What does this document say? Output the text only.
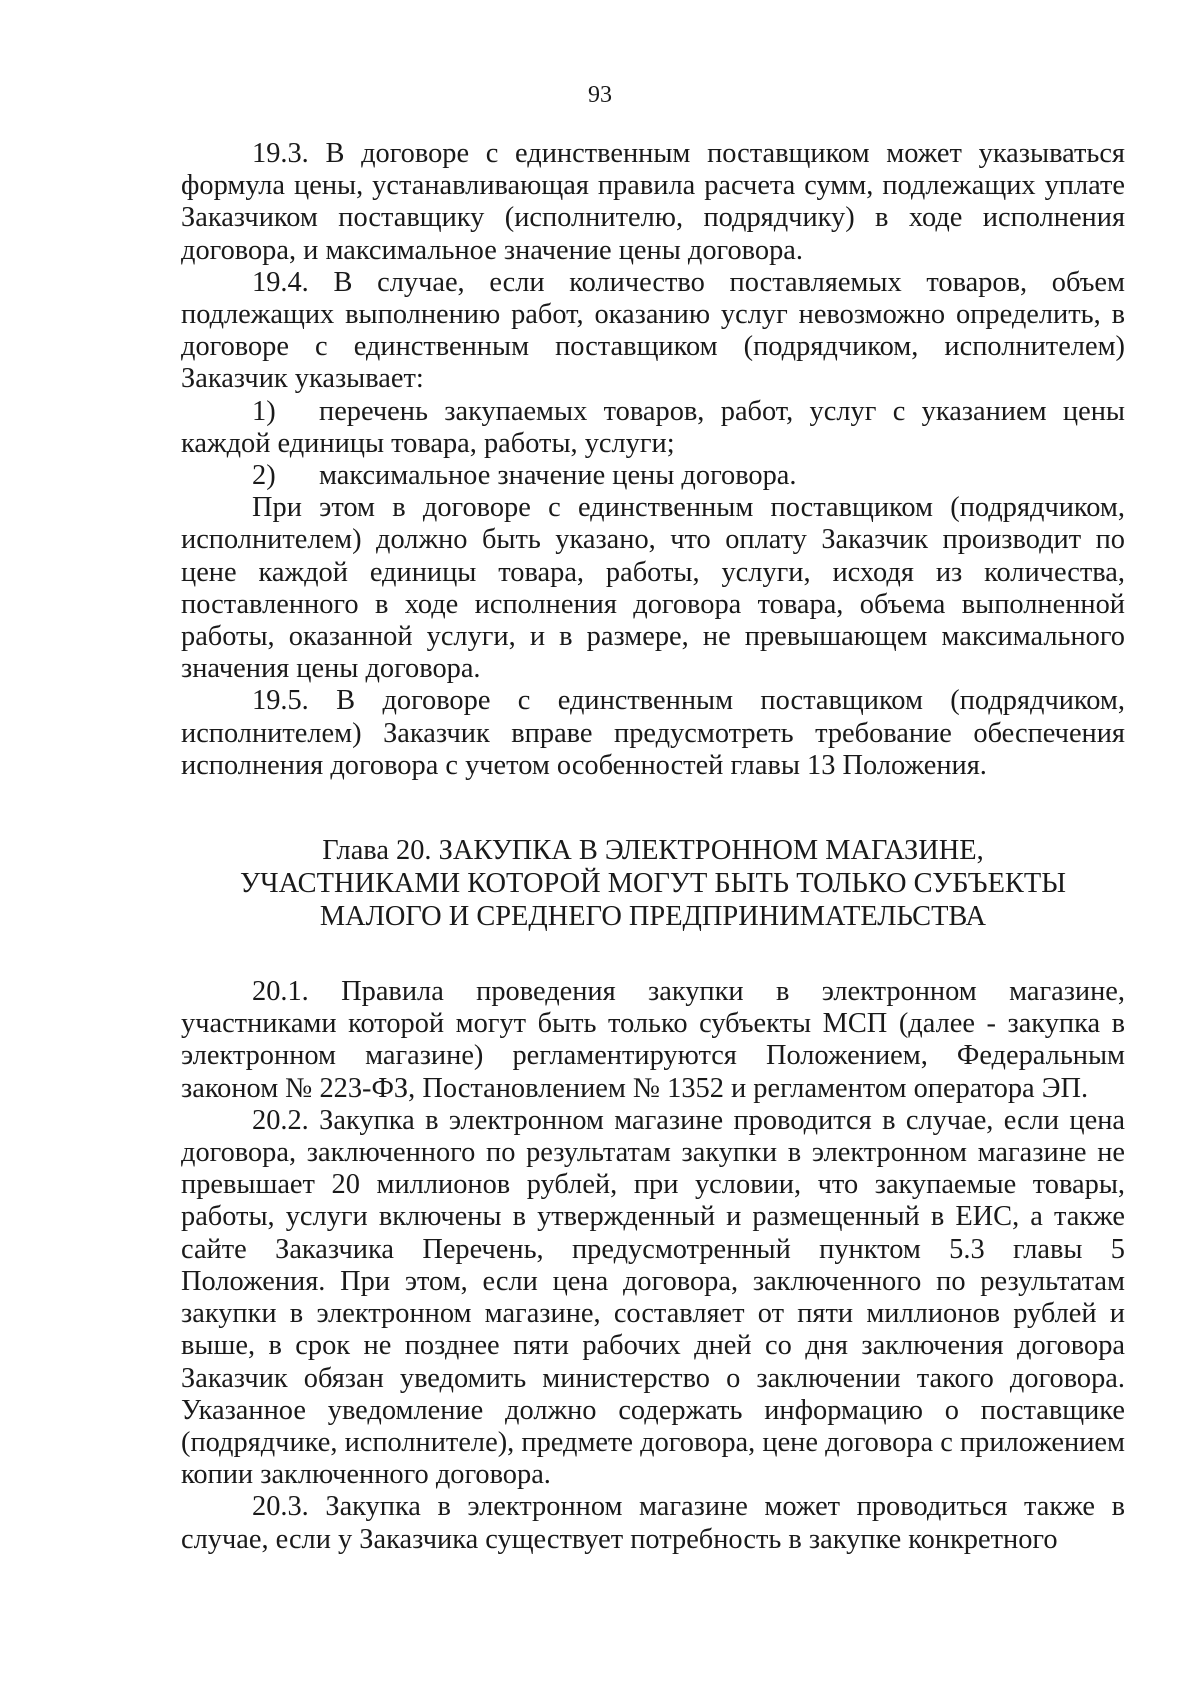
93

19.3. В договоре с единственным поставщиком может указываться формула цены, устанавливающая правила расчета сумм, подлежащих уплате Заказчиком поставщику (исполнителю, подрядчику) в ходе исполнения договора, и максимальное значение цены договора.

19.4. В случае, если количество поставляемых товаров, объем подлежащих выполнению работ, оказанию услуг невозможно определить, в договоре с единственным поставщиком (подрядчиком, исполнителем) Заказчик указывает:

1)	перечень закупаемых товаров, работ, услуг с указанием цены
каждой единицы товара, работы, услуги;
2)	максимальное значение цены договора.

При этом в договоре с единственным поставщиком (подрядчиком, исполнителем) должно быть указано, что оплату Заказчик производит по цене каждой единицы товара, работы, услуги, исходя из количества, поставленного в ходе исполнения договора товара, объема выполненной работы, оказанной услуги, и в размере, не превышающем максимального значения цены договора.

19.5. В договоре с единственным поставщиком (подрядчиком, исполнителем) Заказчик вправе предусмотреть требование обеспечения исполнения договора с учетом особенностей главы 13 Положения.

Глава 20. ЗАКУПКА В ЭЛЕКТРОННОМ МАГАЗИНЕ,
УЧАСТНИКАМИ КОТОРОЙ МОГУТ БЫТЬ ТОЛЬКО СУБЪЕКТЫ
МАЛОГО И СРЕДНЕГО ПРЕДПРИНИМАТЕЛЬСТВА

20.1. Правила проведения закупки в электронном магазине, участниками которой могут быть только субъекты МСП (далее - закупка в электронном магазине) регламентируются Положением, Федеральным законом № 223-ФЗ, Постановлением № 1352 и регламентом оператора ЭП.

20.2. Закупка в электронном магазине проводится в случае, если цена договора, заключенного по результатам закупки в электронном магазине не превышает 20 миллионов рублей, при условии, что закупаемые товары, работы, услуги включены в утвержденный и размещенный в ЕИС, а также сайте Заказчика Перечень, предусмотренный пунктом 5.3 главы 5 Положения. При этом, если цена договора, заключенного по результатам закупки в электронном магазине, составляет от пяти миллионов рублей и выше, в срок не позднее пяти рабочих дней со дня заключения договора Заказчик обязан уведомить министерство о заключении такого договора. Указанное уведомление должно содержать информацию о поставщике (подрядчике, исполнителе), предмете договора, цене договора с приложением копии заключенного договора.

20.3. Закупка в электронном магазине может проводиться также в случае, если у Заказчика существует потребность в закупке конкретного
